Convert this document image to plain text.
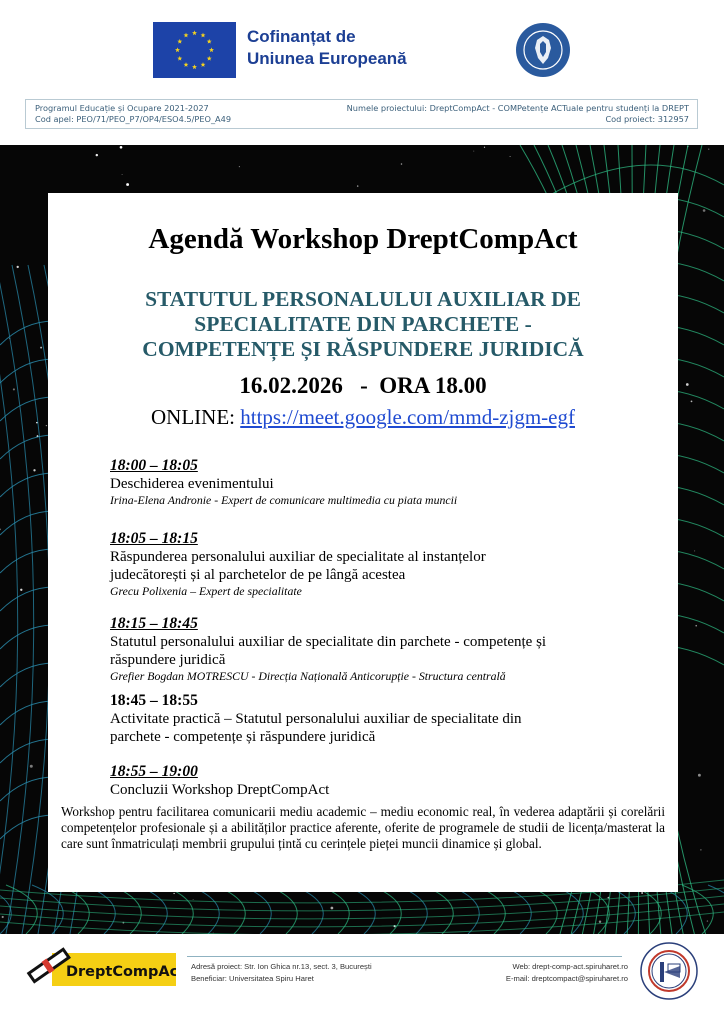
Cofinanțat de
Uniunea Europeană
Programul Educație și Ocupare 2021-2027
Cod apel: PEO/71/PEO_P7/OP4/ESO4.5/PEO_A49
Numele proiectului: DreptCompAct - COMPetențe ACTuale pentru studenți la DREPT
Cod proiect: 312957
Agendă Workshop DreptCompAct
STATUTUL PERSONALULUI AUXILIAR DE
SPECIALITATE DIN PARCHETE -
COMPETENȚE ȘI RĂSPUNDERE JURIDICĂ
16.02.2026   -  ORA 18.00
ONLINE: https://meet.google.com/mmd-zjgm-egf
18:00 – 18:05
Deschiderea evenimentului
Irina-Elena Andronie - Expert de comunicare multimedia cu piata muncii
18:05 – 18:15
Răspunderea personalului auxiliar de specialitate al instanțelor
judecătorești și al parchetelor de pe lângă acestea
Grecu Polixenia – Expert de specialitate
18:15 – 18:45
Statutul personalului auxiliar de specialitate din parchete - competențe și
răspundere juridică
Grefier Bogdan MOTRESCU - Direcția Națională Anticorupție - Structura centrală
18:45 – 18:55
Activitate practică – Statutul personalului auxiliar de specialitate din
parchete - competențe și răspundere juridică
18:55 – 19:00
Concluzii Workshop DreptCompAct
Workshop pentru facilitarea comunicarii mediu academic – mediu economic real, în vederea adaptării și corelării competențelor profesionale și a abilităților practice aferente, oferite de programele de studii de licența/masterat la care sunt înmatriculați membrii grupului țintă cu cerințele pieței muncii dinamice și global.
DreptCompAct Adresă proiect: Str. Ion Ghica nr.13, sect. 3, București
Beneficiar: Universitatea Spiru Haret
Web: drept-comp-act.spiruharet.ro
E-mail: dreptcompact@spiruharet.ro
